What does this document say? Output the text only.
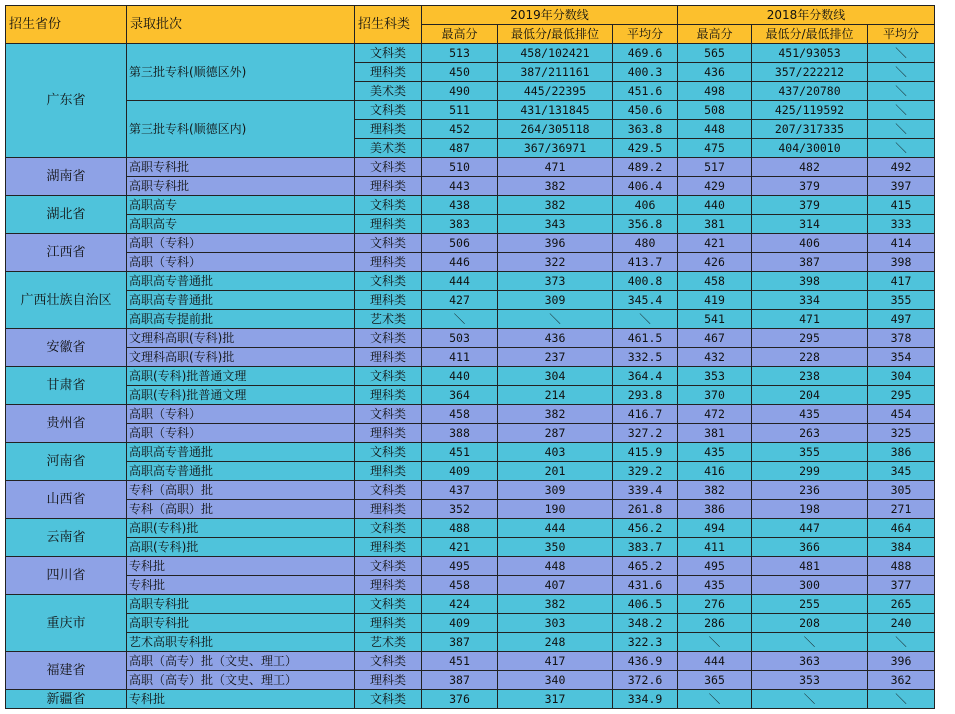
招生省份	录取批次	招生科类	2019年分数线			2018年分数线		
			最高分	最低分/最低排位	平均分	最高分	最低分/最低排位	平均分
广东省	第三批专科(顺德区外)	文科类	513	458/102421	469.6	565	451/93053	＼
		理科类	450	387/211161	400.3	436	357/222212	＼
		美术类	490	445/22395	451.6	498	437/20780	＼
	第三批专科(顺德区内)	文科类	511	431/131845	450.6	508	425/119592	＼
		理科类	452	264/305118	363.8	448	207/317335	＼
		美术类	487	367/36971	429.5	475	404/30010	＼
湖南省	高职专科批	文科类	510	471	489.2	517	482	492
	高职专科批	理科类	443	382	406.4	429	379	397
湖北省	高职高专	文科类	438	382	406	440	379	415
	高职高专	理科类	383	343	356.8	381	314	333
江西省	高职（专科）	文科类	506	396	480	421	406	414
	高职（专科）	理科类	446	322	413.7	426	387	398
广西壮族自治区	高职高专普通批	文科类	444	373	400.8	458	398	417
	高职高专普通批	理科类	427	309	345.4	419	334	355
	高职高专提前批	艺术类	＼	＼	＼	541	471	497
安徽省	文理科高职(专科)批	文科类	503	436	461.5	467	295	378
	文理科高职(专科)批	理科类	411	237	332.5	432	228	354
甘肃省	高职(专科)批普通文理	文科类	440	304	364.4	353	238	304
	高职(专科)批普通文理	理科类	364	214	293.8	370	204	295
贵州省	高职（专科）	文科类	458	382	416.7	472	435	454
	高职（专科）	理科类	388	287	327.2	381	263	325
河南省	高职高专普通批	文科类	451	403	415.9	435	355	386
	高职高专普通批	理科类	409	201	329.2	416	299	345
山西省	专科（高职）批	文科类	437	309	339.4	382	236	305
	专科（高职）批	理科类	352	190	261.8	386	198	271
云南省	高职(专科)批	文科类	488	444	456.2	494	447	464
	高职(专科)批	理科类	421	350	383.7	411	366	384
四川省	专科批	文科类	495	448	465.2	495	481	488
	专科批	理科类	458	407	431.6	435	300	377
重庆市	高职专科批	文科类	424	382	406.5	276	255	265
	高职专科批	理科类	409	303	348.2	286	208	240
	艺术高职专科批	艺术类	387	248	322.3	＼	＼	＼
福建省	高职（高专）批（文史、理工）	文科类	451	417	436.9	444	363	396
	高职（高专）批（文史、理工）	理科类	387	340	372.6	365	353	362
新疆省	专科批	文科类	376	317	334.9	＼	＼	＼
